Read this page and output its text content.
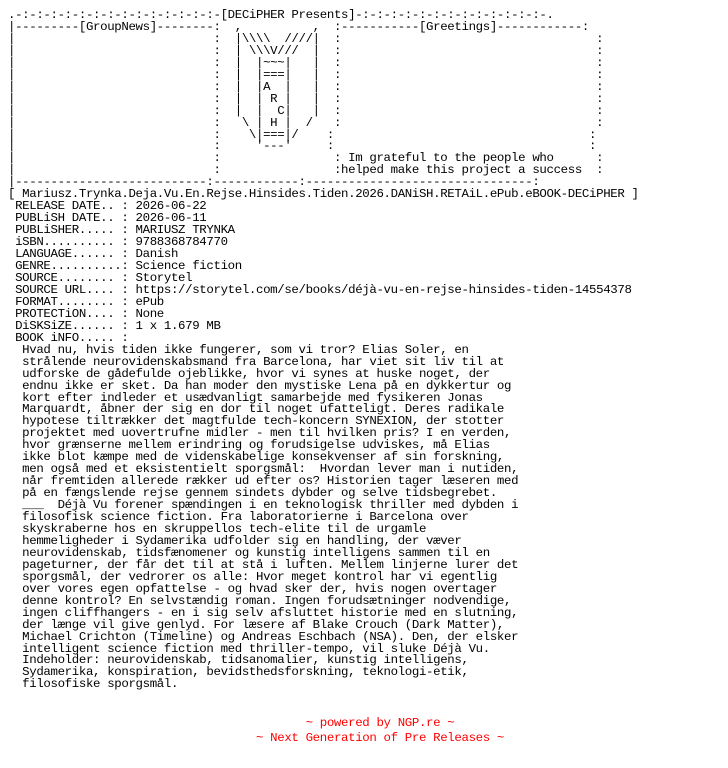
.-:-:-:-:-:-:-:-:-:-:-:-:-:-:-[DECiPHER Presents]-:-:-:-:-:-:-:-:-:-:-:-:-:-.
|---------[GroupNews]--------:  ,          ,  :-----------[Greetings]------------:
|                            :  |\\\\  ////|  :                                    :
|                            :  | \\\V///  |  :                                    :
|                            :  |  |~~~|   |  :                                    :
|                            :  |  |===|   |  :                                    :
|                            :  |  |A  |   |  :                                    :
|                            :  |  | R |   |  :                                    :
|                            :  |  |  C|   |  :                                    :
|                            :   \ | H |  /   :                                    :
|                            :    \|===|/    :                                    :
|                            :     '---'     :                                    :
|                            :                : Im grateful to the people who      :
|                            :                :helped make this project a success  :
|---------------------------:------------:--------------------------------:
[ Mariusz.Trynka.Deja.Vu.En.Rejse.Hinsides.Tiden.2026.DANiSH.RETAiL.ePub.eBOOK-DECiPHER ]
RELEASE DATE.. : 2026-06-22
PUBLiSH DATE.. : 2026-06-11
PUBLiSHER..... : MARIUSZ TRYNKA
iSBN.......... : 9788368784770
LANGUAGE...... : Danish
GENRE..........: Science fiction
SOURCE........ : Storytel
SOURCE URL.... : https://storytel.com/se/books/déjà-vu-en-rejse-hinsides-tiden-14554378
FORMAT........ : ePub
PROTECTiON.... : None
DiSKSiZE...... : 1 x 1.679 MB
BOOK iNFO..... :
Hvad nu, hvis tiden ikke fungerer, som vi tror? Elias Soler, en
strålende neurovidenskabsmand fra Barcelona, har viet sit liv til at
udforske de gådefulde ojeblikke, hvor vi synes at huske noget, der
endnu ikke er sket. Da han moder den mystiske Lena på en dykkertur og
kort efter indleder et usædvanligt samarbejde med fysikeren Jonas
Marquardt, åbner der sig en dor til noget ufatteligt. Deres radikale
hypotese tiltrækker det magtfulde tech-koncern SYNEXION, der stotter
projektet med uovertrufne midler - men til hvilken pris? I en verden,
hvor grænserne mellem erindring og forudsigelse udviskes, må Elias
ikke blot kæmpe med de videnskabelige konsekvenser af sin forskning,
men også med et eksistentielt sporgsmål:  Hvordan lever man i nutiden,
når fremtiden allerede rækker ud efter os? Historien tager læseren med
på en fængslende rejse gennem sindets dybder og selve tidsbegrebet.
___  Déjà Vu forener spændingen i en teknologisk thriller med dybden i
filosofisk science fiction. Fra laboratorierne i Barcelona over
skyskraberne hos en skruppellos tech-elite til de urgamle
hemmeligheder i Sydamerika udfolder sig en handling, der væver
neurovidenskab, tidsfænomener og kunstig intelligens sammen til en
pageturner, der får det til at stå i luften. Mellem linjerne lurer det
sporgsmål, der vedrorer os alle: Hvor meget kontrol har vi egentlig
over vores egen opfattelse - og hvad sker der, hvis nogen overtager
denne kontrol? En selvstændig roman. Ingen forudsætninger nodvendige,
ingen cliffhangers - en i sig selv afsluttet historie med en slutning,
der længe vil give genlyd. For læsere af Blake Crouch (Dark Matter),
Michael Crichton (Timeline) og Andreas Eschbach (NSA). Den, der elsker
intelligent science fiction med thriller-tempo, vil sluke Déjà Vu.
Indeholder: neurovidenskab, tidsanomalier, kunstig intelligens,
Sydamerika, konspiration, bevidsthedsforskning, teknologi-etik,
filosofiske sporgsmål.
~ powered by NGP.re ~
~ Next Generation of Pre Releases ~
